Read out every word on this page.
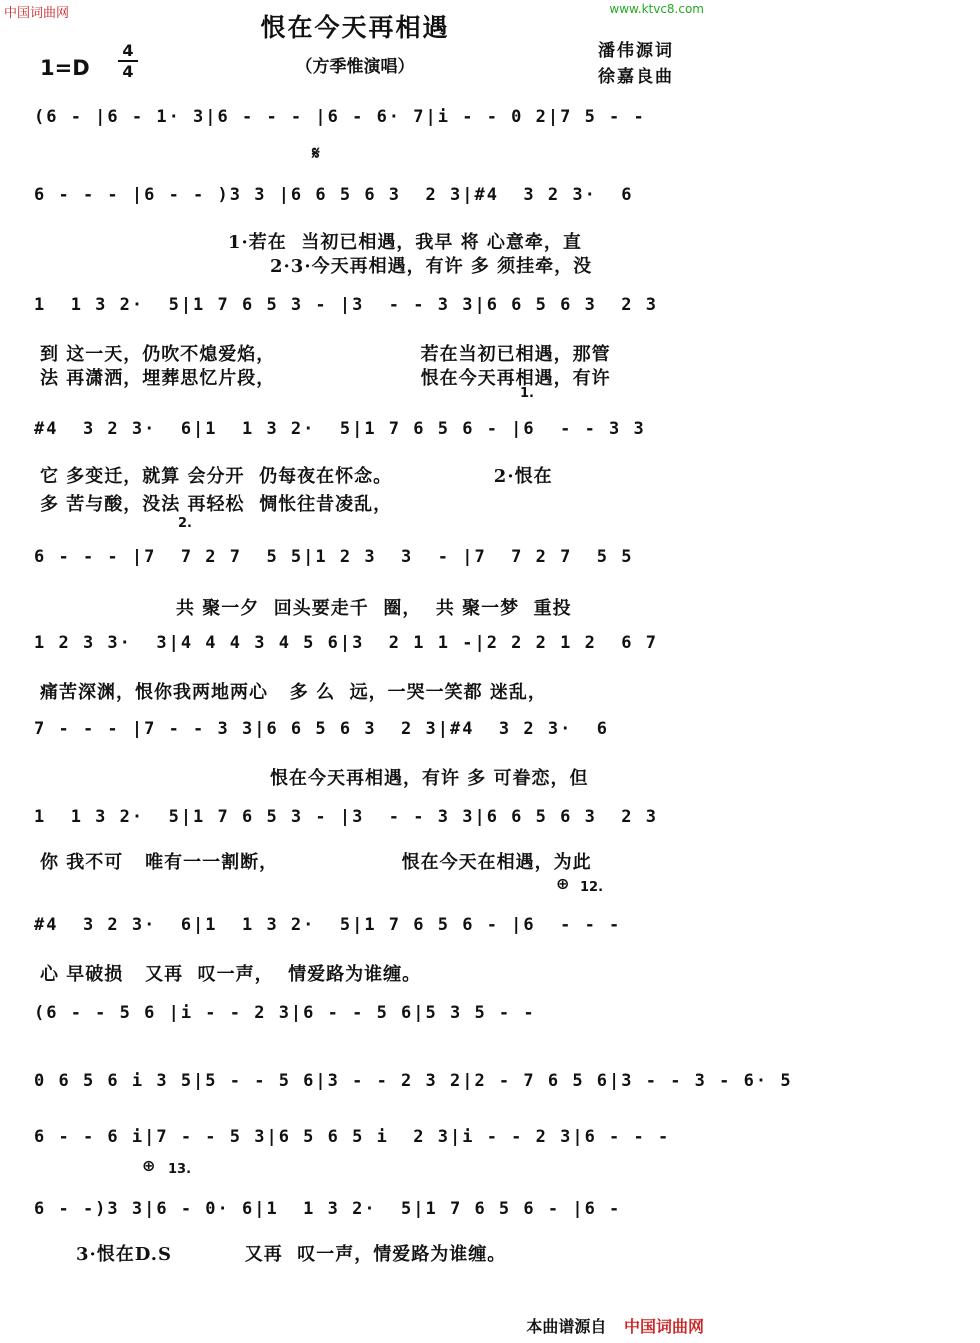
中国词曲网	www.ktvc8.com
恨在今天再相遇
（方季惟演唱）
1=D
4
4
潘伟源词
徐嘉良曲
(6 - |6 - 1· 3|6 - - - |6 - 6· 7|i - - 0 2|7 5 - -
𝄋
6 - - - |6 - - )3 3 |6 6 5 6 3  2 3|#4  3 2 3·  6
1·若在  当初已相遇，我早 将 心意牵，直
2·3·今天再相遇，有许 多 须挂牵，没
1  1 3 2·  5|1 7 6 5 3 - |3  - - 3 3|6 6 5 6 3  2 3
到 这一天，仍吹不熄爱焰，                    若在当初已相遇，那管
法 再潇洒，埋葬思忆片段，                    恨在今天再相遇，有许
1.
#4  3 2 3·  6|1  1 3 2·  5|1 7 6 5 6 - |6  - - 3 3
它 多变迁，就算 会分开  仍每夜在怀念。              2·恨在
多 苦与酸，没法 再轻松  惆怅往昔凌乱，
2.
6 - - - |7  7 2 7  5 5|1 2 3  3  - |7  7 2 7  5 5
共 聚一夕  回头要走千  圈，  共 聚一梦  重投
1 2 3 3·  3|4 4 4 3 4 5 6|3  2 1 1 -|2 2 2 1 2  6 7
痛苦深渊，恨你我两地两心   多 么  远，一哭一笑都 迷乱，
7 - - - |7 - - 3 3|6 6 5 6 3  2 3|#4  3 2 3·  6
恨在今天再相遇，有许 多 可眷恋，但
1  1 3 2·  5|1 7 6 5 3 - |3  - - 3 3|6 6 5 6 3  2 3
你 我不可   唯有一一割断，                 恨在今天在相遇，为此
⊕ 12.
#4  3 2 3·  6|1  1 3 2·  5|1 7 6 5 6 - |6  - - -
心 早破损   又再  叹一声，  情爱路为谁缠。
(6 - - 5 6 |i - - 2 3|6 - - 5 6|5 3 5 - -
0 6 5 6 i 3 5|5 - - 5 6|3 - - 2 3 2|2 - 7 6 5 6|3 - - 3 - 6· 5
6 - - 6 i|7 - - 5 3|6 5 6 5 i  2 3|i - - 2 3|6 - - -
⊕ 13.
6 - -)3 3|6 - 0· 6|1  1 3 2·  5|1 7 6 5 6 - |6 -
3·恨在D.S          又再  叹一声，情爱路为谁缠。
本曲谱源自 中国词曲网
